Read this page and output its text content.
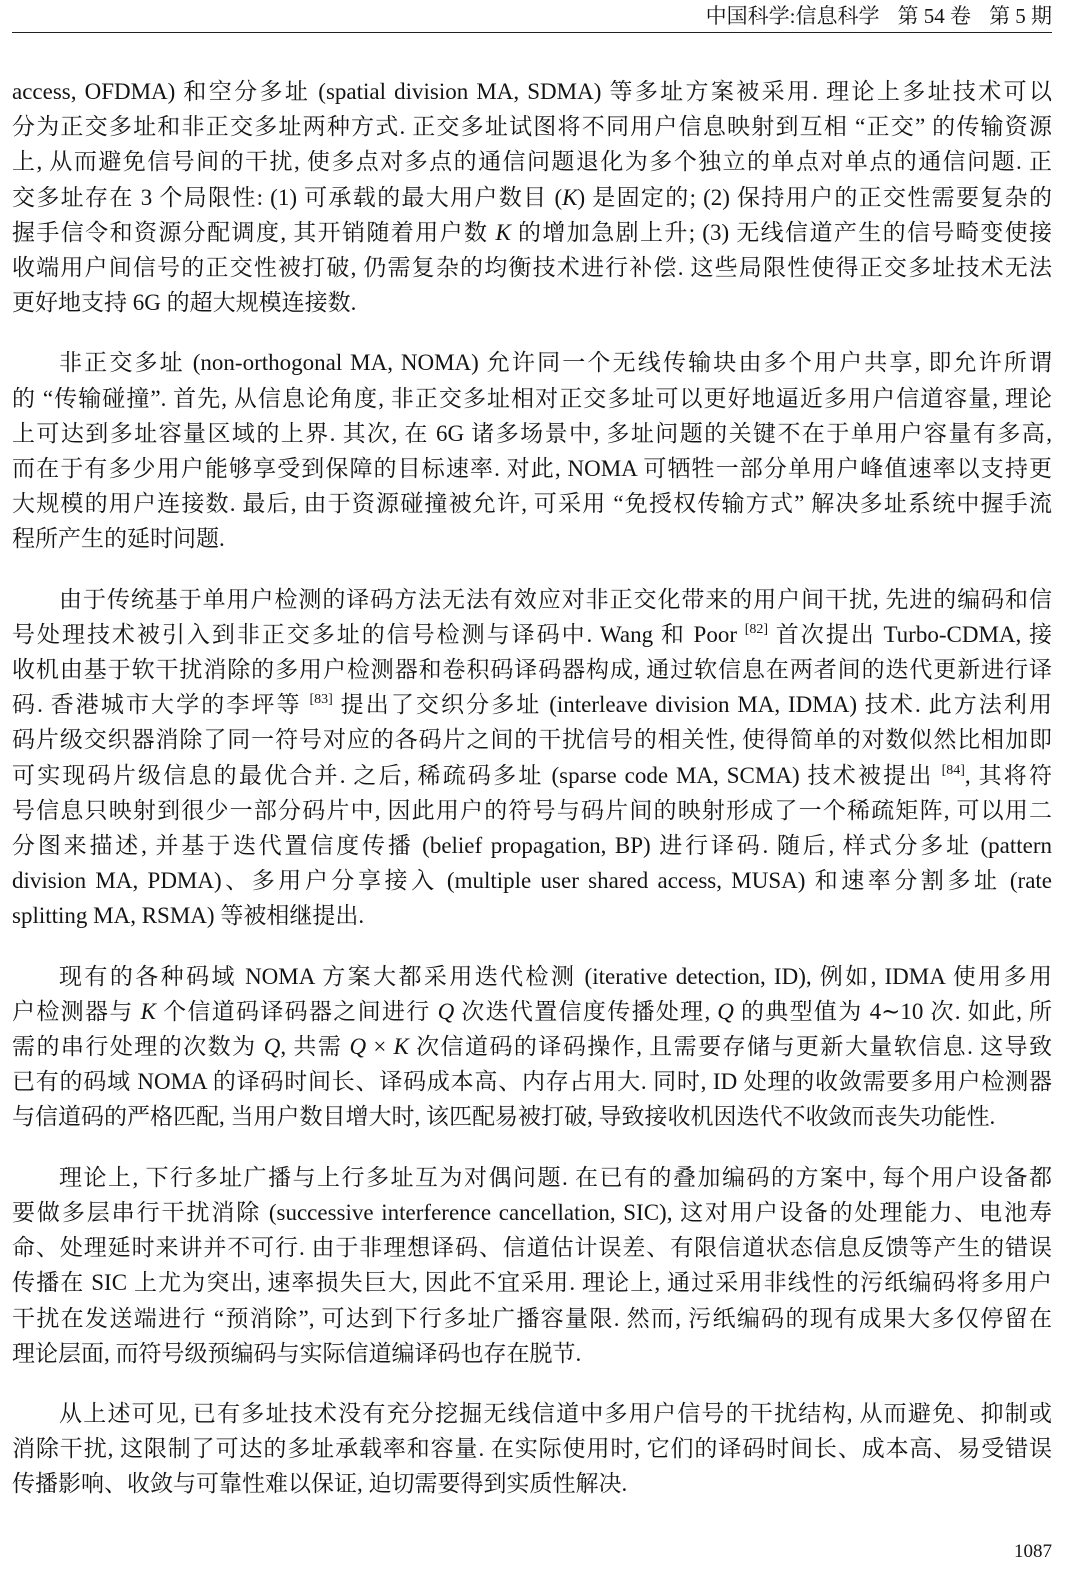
中国科学:信息科学 第 54 卷 第 5 期
access, OFDMA) 和空分多址 (spatial division MA, SDMA) 等多址方案被采用. 理论上多址技术可以
分为正交多址和非正交多址两种方式. 正交多址试图将不同用户信息映射到互相 “正交” 的传输资源
上, 从而避免信号间的干扰, 使多点对多点的通信问题退化为多个独立的单点对单点的通信问题. 正
交多址存在 3 个局限性: (1) 可承载的最大用户数目 (K) 是固定的; (2) 保持用户的正交性需要复杂的
握手信令和资源分配调度, 其开销随着用户数 K 的增加急剧上升; (3) 无线信道产生的信号畸变使接
收端用户间信号的正交性被打破, 仍需复杂的均衡技术进行补偿. 这些局限性使得正交多址技术无法
更好地支持 6G 的超大规模连接数.
非正交多址 (non-orthogonal MA, NOMA) 允许同一个无线传输块由多个用户共享, 即允许所谓
的 “传输碰撞”. 首先, 从信息论角度, 非正交多址相对正交多址可以更好地逼近多用户信道容量, 理论
上可达到多址容量区域的上界. 其次, 在 6G 诸多场景中, 多址问题的关键不在于单用户容量有多高,
而在于有多少用户能够享受到保障的目标速率. 对此, NOMA 可牺牲一部分单用户峰值速率以支持更
大规模的用户连接数. 最后, 由于资源碰撞被允许, 可采用 “免授权传输方式” 解决多址系统中握手流
程所产生的延时问题.
由于传统基于单用户检测的译码方法无法有效应对非正交化带来的用户间干扰, 先进的编码和信
号处理技术被引入到非正交多址的信号检测与译码中. Wang 和 Poor [82] 首次提出 Turbo-CDMA, 接
收机由基于软干扰消除的多用户检测器和卷积码译码器构成, 通过软信息在两者间的迭代更新进行译
码. 香港城市大学的李坪等 [83] 提出了交织分多址 (interleave division MA, IDMA) 技术. 此方法利用
码片级交织器消除了同一符号对应的各码片之间的干扰信号的相关性, 使得简单的对数似然比相加即
可实现码片级信息的最优合并. 之后, 稀疏码多址 (sparse code MA, SCMA) 技术被提出 [84], 其将符
号信息只映射到很少一部分码片中, 因此用户的符号与码片间的映射形成了一个稀疏矩阵, 可以用二
分图来描述, 并基于迭代置信度传播 (belief propagation, BP) 进行译码. 随后, 样式分多址 (pattern
division MA, PDMA)、多用户分享接入 (multiple user shared access, MUSA) 和速率分割多址 (rate
splitting MA, RSMA) 等被相继提出.
现有的各种码域 NOMA 方案大都采用迭代检测 (iterative detection, ID), 例如, IDMA 使用多用
户检测器与 K 个信道码译码器之间进行 Q 次迭代置信度传播处理, Q 的典型值为 4∼10 次. 如此, 所
需的串行处理的次数为 Q, 共需 Q × K 次信道码的译码操作, 且需要存储与更新大量软信息. 这导致
已有的码域 NOMA 的译码时间长、译码成本高、内存占用大. 同时, ID 处理的收敛需要多用户检测器
与信道码的严格匹配, 当用户数目增大时, 该匹配易被打破, 导致接收机因迭代不收敛而丧失功能性.
理论上, 下行多址广播与上行多址互为对偶问题. 在已有的叠加编码的方案中, 每个用户设备都
要做多层串行干扰消除 (successive interference cancellation, SIC), 这对用户设备的处理能力、电池寿
命、处理延时来讲并不可行. 由于非理想译码、信道估计误差、有限信道状态信息反馈等产生的错误
传播在 SIC 上尤为突出, 速率损失巨大, 因此不宜采用. 理论上, 通过采用非线性的污纸编码将多用户
干扰在发送端进行 “预消除”, 可达到下行多址广播容量限. 然而, 污纸编码的现有成果大多仅停留在
理论层面, 而符号级预编码与实际信道编译码也存在脱节.
从上述可见, 已有多址技术没有充分挖掘无线信道中多用户信号的干扰结构, 从而避免、抑制或
消除干扰, 这限制了可达的多址承载率和容量. 在实际使用时, 它们的译码时间长、成本高、易受错误
传播影响、收敛与可靠性难以保证, 迫切需要得到实质性解决.
1087
